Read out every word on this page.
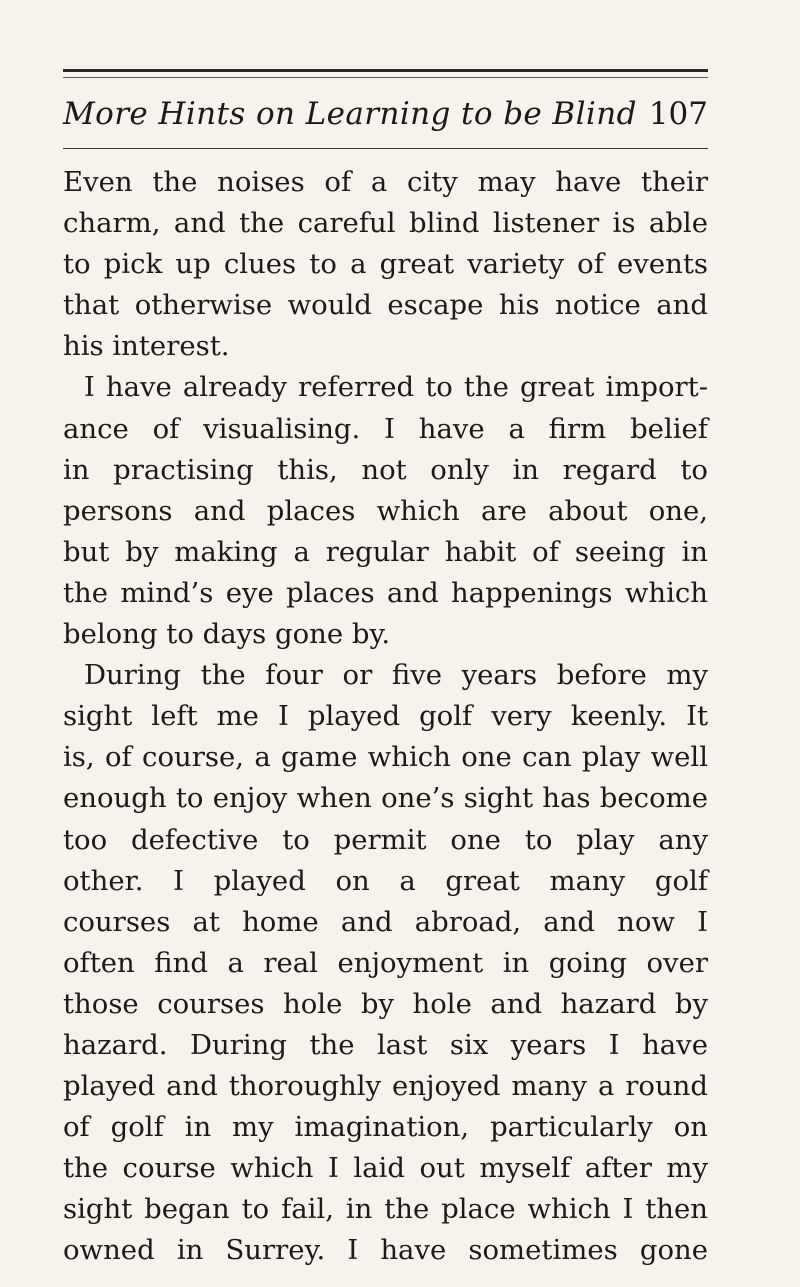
More Hints on Learning to be Blind 107
Even the noises of a city may have their
charm, and the careful blind listener is able
to pick up clues to a great variety of events
that otherwise would escape his notice and
his interest.
I have already referred to the great import-
ance of visualising. I have a firm belief
in practising this, not only in regard to
persons and places which are about one,
but by making a regular habit of seeing in
the mind’s eye places and happenings which
belong to days gone by.
During the four or five years before my
sight left me I played golf very keenly. It
is, of course, a game which one can play well
enough to enjoy when one’s sight has become
too defective to permit one to play any
other. I played on a great many golf
courses at home and abroad, and now I
often find a real enjoyment in going over
those courses hole by hole and hazard by
hazard. During the last six years I have
played and thoroughly enjoyed many a round
of golf in my imagination, particularly on
the course which I laid out myself after my
sight began to fail, in the place which I then
owned in Surrey. I have sometimes gone
